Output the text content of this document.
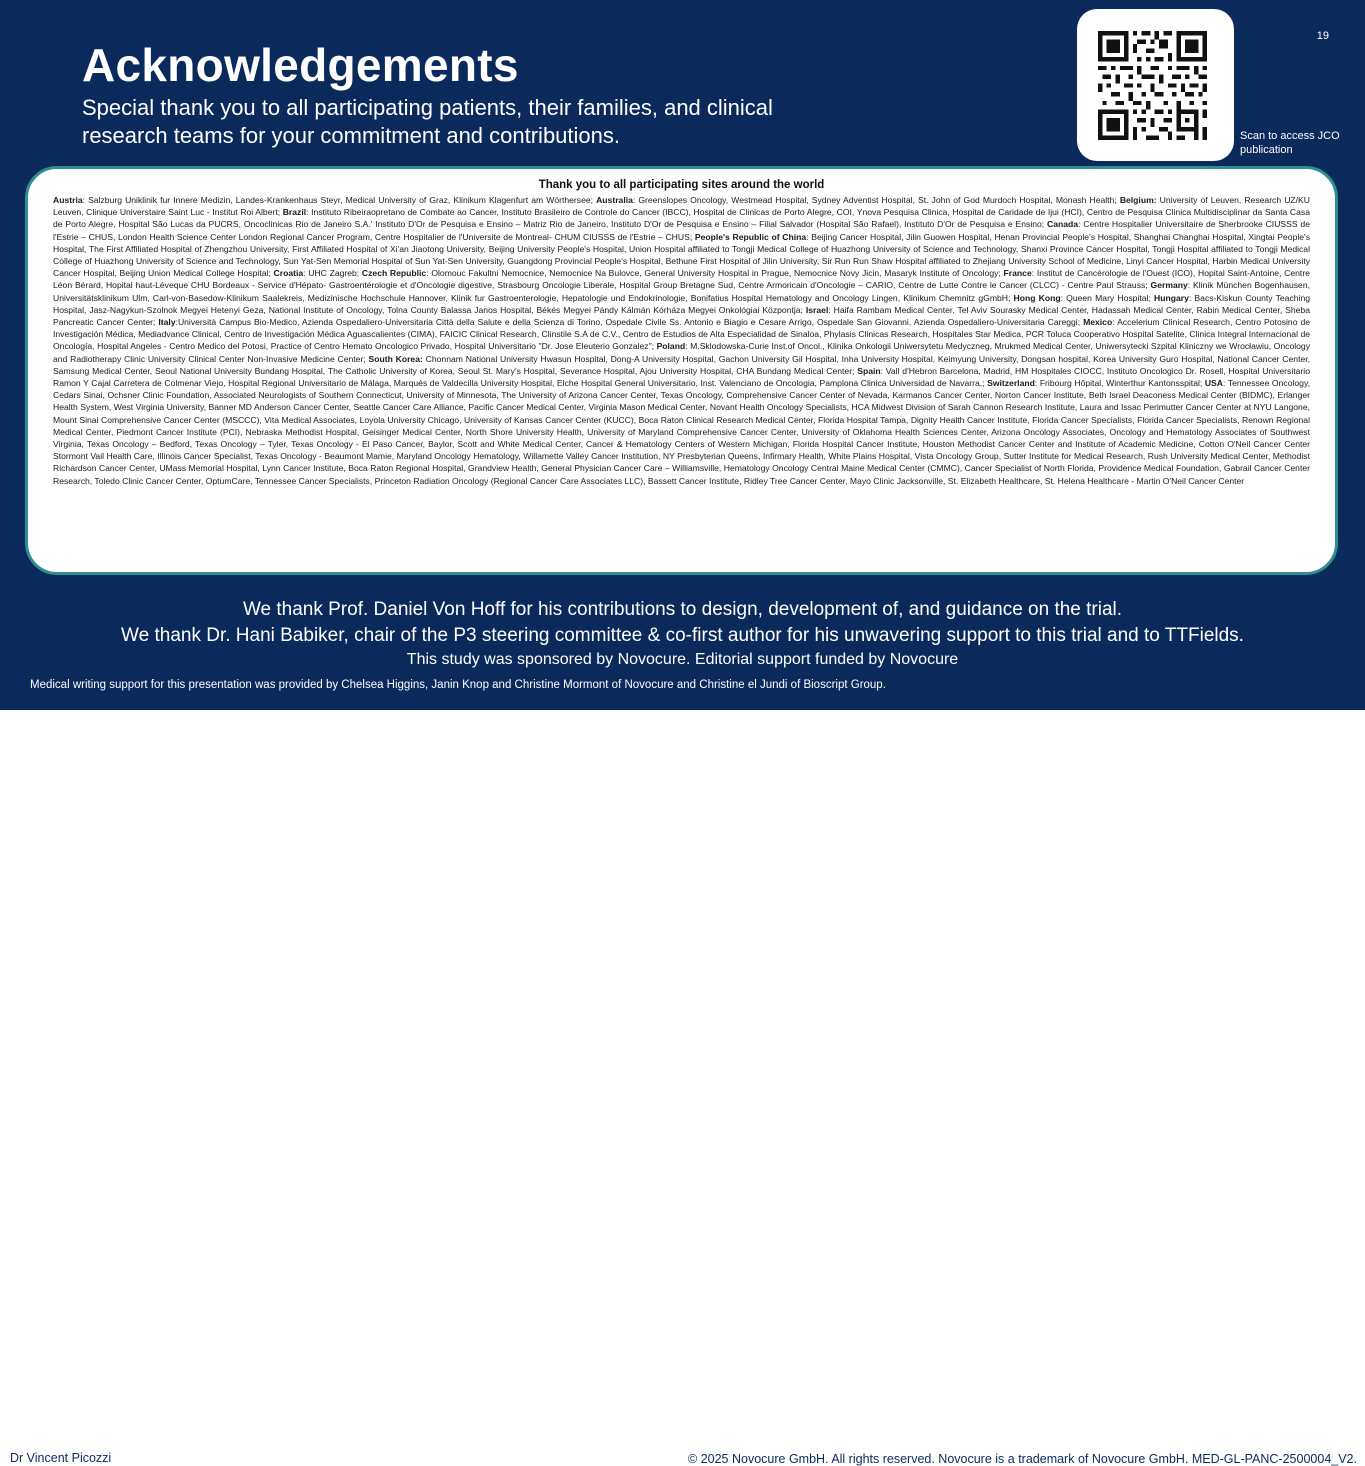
19
Acknowledgements
Special thank you to all participating patients, their families, and clinical research teams for your commitment and contributions.	Scan to access JCO publication
Thank you to all participating sites around the world
Austria: Salzburg Uniklinik fur Innere Medizin, Landes-Krankenhaus Steyr, Medical University of Graz, Klinikum Klagenfurt am Wörthersee; Australia: Greenslopes Oncology, Westmead Hospital, Sydney Adventist Hospital, St. John of God Murdoch Hospital, Monash Health; Belgium: University of Leuven, Research UZ/KU Leuven, Clinique Universtaire Saint Luc - Institut Roi Albert; Brazil: Instituto Ribeiraopretano de Combate ao Cancer, Instituto Brasileiro de Controle do Cancer (IBCC), Hospital de Clinicas de Porto Alegre, COI, Ynova Pesquisa Clinica, Hospital de Caridade de Ijui (HCI), Centro de Pesquisa Clinica Multidisciplinar da Santa Casa de Porto Alegre, Hospital São Lucas da PUCRS, Oncoclinicas Rio de Janeiro S.A.' Instituto D'Or de Pesquisa e Ensino – Matriz Rio de Janeiro, Instituto D'Or de Pesquisa e Ensino – Filial Salvador (Hospital São Rafael), Instituto D'Or de Pesquisa e Ensino; Canada: Centre Hospitalier Universitaire de Sherbrooke CIUSSS de l'Estrie – CHUS, London Health Science Center London Regional Cancer Program, Centre Hospitalier de l'Universite de Montreal- CHUM CIUSSS de l'Estrie – CHUS; People's Republic of China: Beijing Cancer Hospital, Jilin Guowen Hospital, Henan Provincial People's Hospital, Shanghai Changhai Hospital, Xingtai People's Hospital, The First Affiliated Hospital of Zhengzhou University, First Affiliated Hospital of Xi'an Jiaotong University, Beijing University People's Hospital, Union Hospital affiliated to Tongji Medical College of Huazhong University of Science and Technology, Shanxi Province Cancer Hospital, Tongji Hospital affiliated to Tongji Medical College of Huazhong University of Science and Technology, Sun Yat-Sen Memorial Hospital of Sun Yat-Sen University, Guangdong Provincial People's Hospital, Bethune First Hospital of Jilin University, Sir Run Run Shaw Hospital affiliated to Zhejiang University School of Medicine, Linyi Cancer Hospital, Harbin Medical University Cancer Hospital, Beijing Union Medical College Hospital; Croatia: UHC Zagreb; Czech Republic: Olomouc Fakultni Nemocnice, Nemocnice Na Bulovce, General University Hospital in Prague, Nemocnice Novy Jicin, Masaryk Institute of Oncology; France: Institut de Cancérologie de l'Ouest (ICO), Hopital Saint-Antoine, Centre Léon Bérard, Hopital haut-Léveque CHU Bordeaux - Service d'Hépato- Gastroentérologie et d'Oncologie digestive, Strasbourg Oncologie Liberale, Hospital Group Bretagne Sud, Centre Armoricain d'Oncologie – CARIO, Centre de Lutte Contre le Cancer (CLCC) - Centre Paul Strauss; Germany: Klinik München Bogenhausen, Universitätsklinikum Ulm, Carl-von-Basedow-Klinikum Saalekreis, Medizinische Hochschule Hannover, Klinik fur Gastroenterologie, Hepatologie und Endokrinologie, Bonifatius Hospital Hematology and Oncology Lingen, Klinikum Chemnitz gGmbH; Hong Kong: Queen Mary Hospital; Hungary: Bacs-Kiskun County Teaching Hospital, Jasz-Nagykun-Szolnok Megyei Hetenyi Geza, National Institute of Oncology, Tolna County Balassa Janos Hospital, Békés Megyei Pándy Kálmán Kórháza Megyei Onkológiai Központja; Israel: Haifa Rambam Medical Center, Tel Aviv Sourasky Medical Center, Hadassah Medical Center, Rabin Medical Center, Sheba Pancreatic Cancer Center; Italy:Università Campus Bio-Medico, Azienda Ospedaliero-Universitaria Città della Salute e della Scienza di Torino, Ospedale Civile Ss. Antonio e Biagio e Cesare Arrigo, Ospedale San Giovanni, Azienda Ospedaliero-Universitaria Careggi; Mexico: Accelerium Clinical Research, Centro Potosino de Investigación Médica, Mediadvance Clinical, Centro de Investigación Médica Aguascalientes (CIMA), FAICIC Clinical Research, Clinstile S.A de C.V., Centro de Estudios de Alta Especialidad de Sinaloa, Phylasis Clinicas Research, Hospitales Star Medica, PCR Toluca Cooperativo Hospital Satelite, Clinica Integral Internacional de Oncología, Hospital Angeles - Centro Medico del Potosi, Practice of Centro Hemato Oncologico Privado, Hospital Universitario "Dr. Jose Eleuterio Gonzalez"; Poland: M.Sklodowska-Curie Inst.of Oncol., Klinika Onkologii Uniwersytetu Medyczneg, Mrukmed Medical Center, Uniwersytecki Szpital Kliniczny we Wrocławiu, Oncology and Radiotherapy Clinic University Clinical Center Non-Invasive Medicine Center; South Korea: Chonnam National University Hwasun Hospital, Dong-A University Hospital, Gachon University Gil Hospital, Inha University Hospital, Keimyung University, Dongsan hospital, Korea University Guro Hospital, National Cancer Center, Samsung Medical Center, Seoul National University Bundang Hospital, The Catholic University of Korea, Seoul St. Mary's Hospital, Severance Hospital, Ajou University Hospital, CHA Bundang Medical Center; Spain: Vall d'Hebron Barcelona, Madrid, HM Hospitales CIOCC, Instituto Oncologico Dr. Rosell, Hospital Universitario Ramon Y Cajal Carretera de Colmenar Viejo, Hospital Regional Universitario de Málaga, Marqués de Valdecilla University Hospital, Elche Hospital General Universitario, Inst. Valenciano de Oncologia, Pamplona Clinica Universidad de Navarra,; Switzerland: Fribourg Hôpital, Winterthur Kantonsspital; USA: Tennessee Oncology, Cedars Sinai, Ochsner Clinic Foundation, Associated Neurologists of Southern Connecticut, University of Minnesota, The University of Arizona Cancer Center, Texas Oncology, Comprehensive Cancer Center of Nevada, Karmanos Cancer Center, Norton Cancer Institute, Beth Israel Deaconess Medical Center (BIDMC), Erlanger Health System, West Virginia University, Banner MD Anderson Cancer Center, Seattle Cancer Care Alliance, Pacific Cancer Medical Center, Virginia Mason Medical Center, Novant Health Oncology Specialists, HCA Midwest Division of Sarah Cannon Research Institute, Laura and Issac Perimutter Cancer Center at NYU Langone, Mount Sinai Comprehensive Cancer Center (MSCCC), Vita Medical Associates, Loyola University Chicago, University of Kansas Cancer Center (KUCC), Boca Raton Clinical Research Medical Center, Florida Hospital Tampa, Dignity Health Cancer Institute, Florida Cancer Specialists, Florida Cancer Specialists, Renown Regional Medical Center, Piedmont Cancer Institute (PCI), Nebraska Methodist Hospital, Geisinger Medical Center, North Shore University Health, University of Maryland Comprehensive Cancer Center, University of Oklahoma Health Sciences Center, Arizona Oncology Associates, Oncology and Hematology Associates of Southwest Virginia, Texas Oncology – Bedford, Texas Oncology – Tyler, Texas Oncology - El Paso Cancer, Baylor, Scott and White Medical Center, Cancer & Hematology Centers of Western Michigan, Florida Hospital Cancer Institute, Houston Methodist Cancer Center and Institute of Academic Medicine, Cotton O'Neil Cancer Center Stormont Vail Health Care, Illinois Cancer Specialist, Texas Oncology - Beaumont Mamie, Maryland Oncology Hematology, Willamette Valley Cancer Institution, NY Presbyterian Queens, Infirmary Health, White Plains Hospital, Vista Oncology Group, Sutter Institute for Medical Research, Rush University Medical Center, Methodist Richardson Cancer Center, UMass Memorial Hospital, Lynn Cancer Institute, Boca Raton Regional Hospital, Grandview Health, General Physician Cancer Care – Williamsville, Hematology Oncology Central Maine Medical Center (CMMC), Cancer Specialist of North Florida, Providence Medical Foundation, Gabrail Cancer Center Research, Toledo Clinic Cancer Center, OptumCare, Tennessee Cancer Specialists, Princeton Radiation Oncology (Regional Cancer Care Associates LLC), Bassett Cancer Institute, Ridley Tree Cancer Center, Mayo Clinic Jacksonville, St. Elizabeth Healthcare, St. Helena Healthcare - Martin O'Neil Cancer Center
We thank Prof. Daniel Von Hoff for his contributions to design, development of, and guidance on the trial.
We thank Dr. Hani Babiker, chair of the P3 steering committee & co-first author for his unwavering support to this trial and to TTFields.
This study was sponsored by Novocure. Editorial support funded by Novocure
Medical writing support for this presentation was provided by Chelsea Higgins, Janin Knop and Christine Mormont of Novocure and Christine el Jundi of Bioscript Group.
Dr Vincent Picozzi	© 2025 Novocure GmbH. All rights reserved. Novocure is a trademark of Novocure GmbH. MED-GL-PANC-2500004_V2.
